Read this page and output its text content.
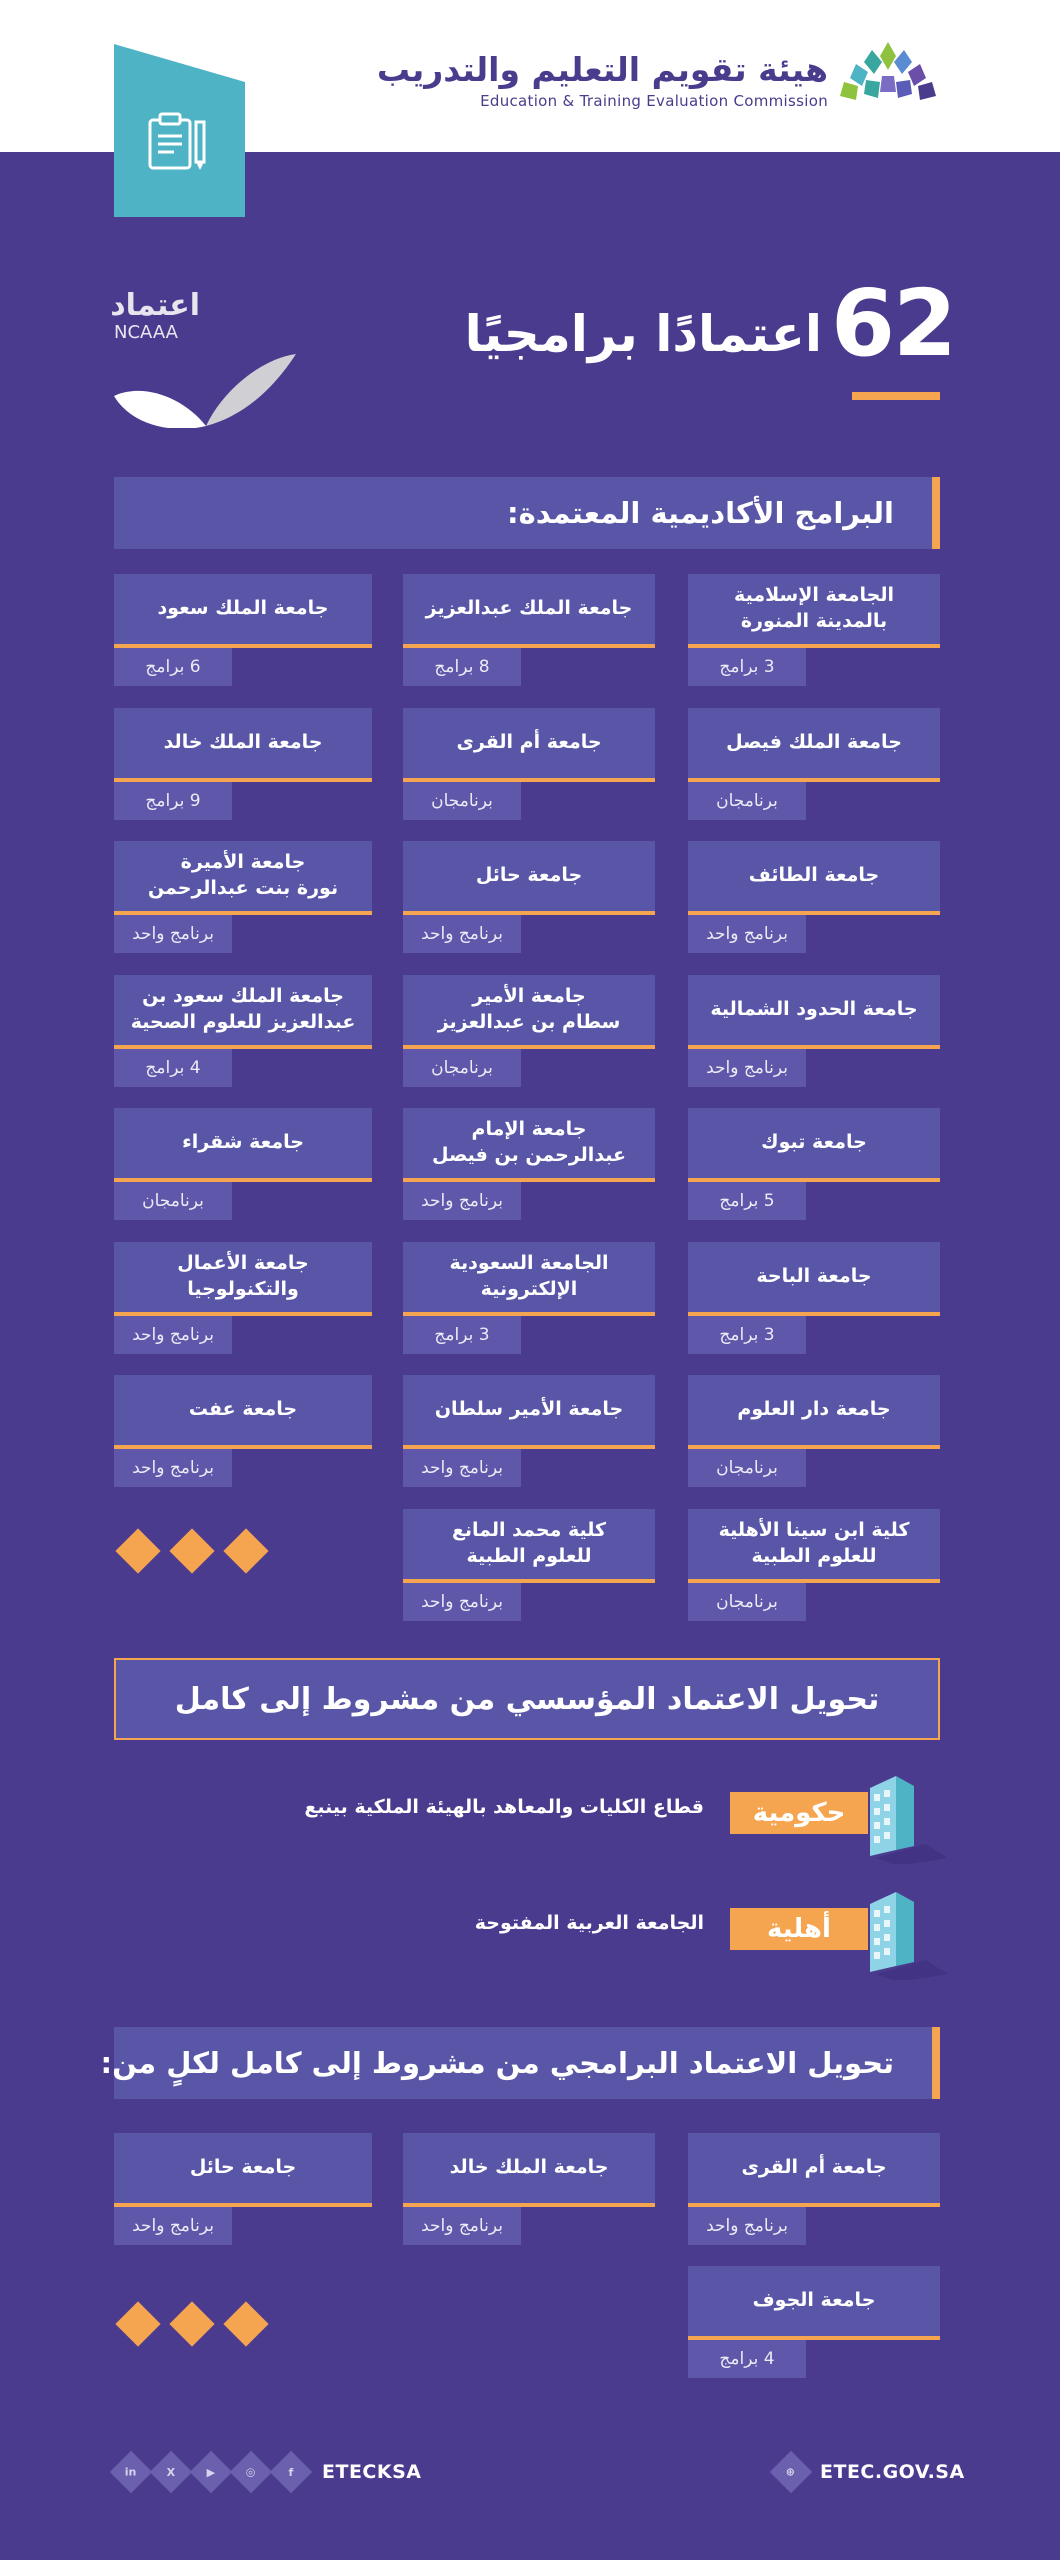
هيئة تقويم التعليم والتدريب
Education & Training Evaluation Commission
اعتماد
NCAAA	62
اعتمادًا برامجيًا
البرامج الأكاديمية المعتمدة:
الجامعة الإسلامية
بالمدينة المنورة
3 برامج
جامعة الملك عبدالعزيز
8 برامج
جامعة الملك سعود
6 برامج
جامعة الملك فيصل
برنامجان
جامعة أم القرى
برنامجان
جامعة الملك خالد
9 برامج
جامعة الطائف
برنامج واحد
جامعة حائل
برنامج واحد
جامعة الأميرة
نورة بنت عبدالرحمن
برنامج واحد
جامعة الحدود الشمالية
برنامج واحد
جامعة الأمير
سطام بن عبدالعزيز
برنامجان
جامعة الملك سعود بن
عبدالعزيز للعلوم الصحية
4 برامج
جامعة تبوك
5 برامج
جامعة الإمام
عبدالرحمن بن فيصل
برنامج واحد
جامعة شقراء
برنامجان
جامعة الباحة
3 برامج
الجامعة السعودية الإلكترونية
3 برامج
جامعة الأعمال والتكنولوجيا
برنامج واحد
جامعة دار العلوم
برنامجان
جامعة الأمير سلطان
برنامج واحد
جامعة عفت
برنامج واحد
كلية ابن سينا الأهلية
للعلوم الطبية
برنامجان
كلية محمد المانع
للعلوم الطبية
برنامج واحد
تحويل الاعتماد المؤسسي من مشروط إلى كامل
قطاع الكليات والمعاهد بالهيئة الملكية بينبع	حكومية
الجامعة العربية المفتوحة	أهلية
تحويل الاعتماد البرامجي من مشروط إلى كامل لكلٍ من:
جامعة أم القرى
برنامج واحد
جامعة الملك خالد
برنامج واحد
جامعة حائل
برنامج واحد
جامعة الجوف
4 برامج
in	X	▶	◎	f ETECKSA	⊕ ETEC.GOV.SA
